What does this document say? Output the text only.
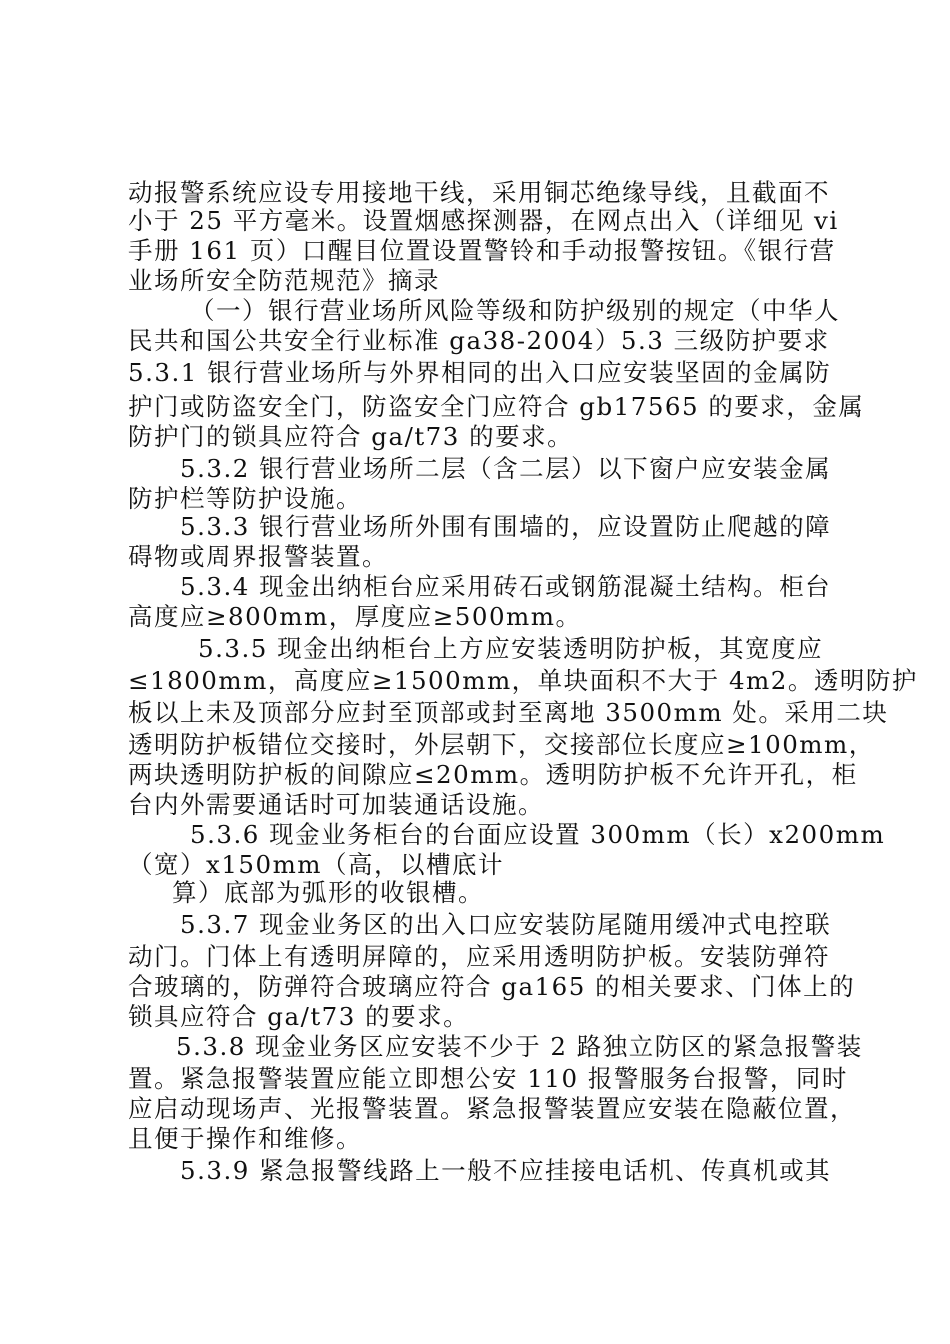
动报警系统应设专用接地干线，采用铜芯绝缘导线，且截面不
小于 25 平方毫米。设置烟感探测器，在网点出入（详细见 vi
手册 161 页）口醒目位置设置警铃和手动报警按钮。《银行营
业场所安全防范规范》摘录
（一）银行营业场所风险等级和防护级别的规定（中华人
民共和国公共安全行业标准 ga38-2004）5.3 三级防护要求
5.3.1 银行营业场所与外界相同的出入口应安装坚固的金属防
护门或防盗安全门，防盗安全门应符合 gb17565 的要求，金属
防护门的锁具应符合 ga/t73 的要求。
5.3.2 银行营业场所二层（含二层）以下窗户应安装金属
防护栏等防护设施。
5.3.3 银行营业场所外围有围墙的，应设置防止爬越的障
碍物或周界报警装置。
5.3.4 现金出纳柜台应采用砖石或钢筋混凝土结构。柜台
高度应≥800mm，厚度应≥500mm。
5.3.5 现金出纳柜台上方应安装透明防护板，其宽度应
≤1800mm，高度应≥1500mm，单块面积不大于 4m2。透明防护
板以上未及顶部分应封至顶部或封至离地 3500mm 处。采用二块
透明防护板错位交接时，外层朝下，交接部位长度应≥100mm，
两块透明防护板的间隙应≤20mm。透明防护板不允许开孔，柜
台内外需要通话时可加装通话设施。
5.3.6 现金业务柜台的台面应设置 300mm（长）x200mm
（宽）x150mm（高，以槽底计
算）底部为弧形的收银槽。
5.3.7 现金业务区的出入口应安装防尾随用缓冲式电控联
动门。门体上有透明屏障的，应采用透明防护板。安装防弹符
合玻璃的，防弹符合玻璃应符合 ga165 的相关要求、门体上的
锁具应符合 ga/t73 的要求。
5.3.8 现金业务区应安装不少于 2 路独立防区的紧急报警装
置。紧急报警装置应能立即想公安 110 报警服务台报警，同时
应启动现场声、光报警装置。紧急报警装置应安装在隐蔽位置，
且便于操作和维修。
5.3.9 紧急报警线路上一般不应挂接电话机、传真机或其
